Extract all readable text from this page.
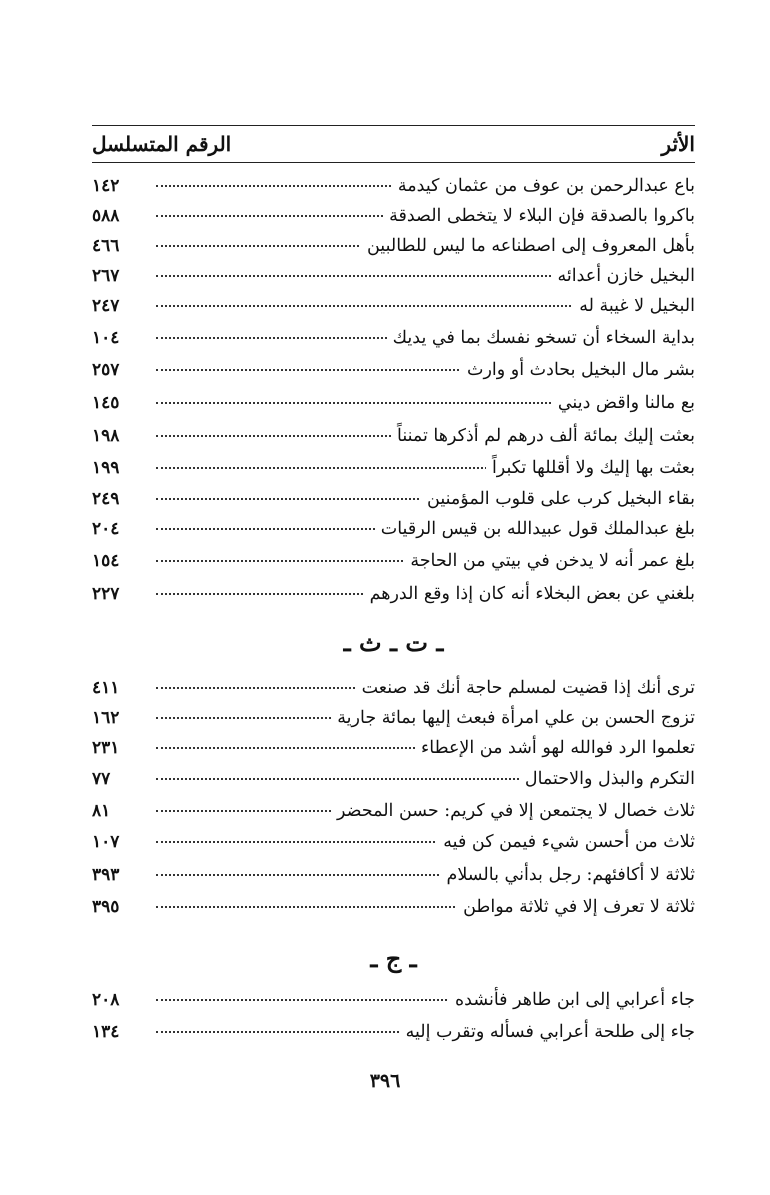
الأثر
الرقم المتسلسل
باع عبدالرحمن بن عوف من عثمان كيدمة
١٤٢
باكروا بالصدقة فإن البلاء لا يتخطى الصدقة
٥٨٨
بأهل المعروف إلى اصطناعه ما ليس للطالبين
٤٦٦
البخيل خازن أعدائه
٢٦٧
البخيل لا غيبة له
٢٤٧
بداية السخاء أن تسخو نفسك بما في يديك
١٠٤
بشر مال البخيل بحادث أو وارث
٢٥٧
بع مالنا واقض ديني
١٤٥
بعثت إليك بمائة ألف درهم لم أذكرها تمنناً
١٩٨
بعثت بها إليك ولا أقللها تكبراً
١٩٩
بقاء البخيل كرب على قلوب المؤمنين
٢٤٩
بلغ عبدالملك قول عبيدالله بن قيس الرقيات
٢٠٤
بلغ عمر أنه لا يدخن في بيتي من الحاجة
١٥٤
بلغني عن بعض البخلاء أنه كان إذا وقع الدرهم
٢٢٧
ـ ت ـ ث ـ
ترى أنك إذا قضيت لمسلم حاجة أنك قد صنعت
٤١١
تزوج الحسن بن علي امرأة فبعث إليها بمائة جارية
١٦٢
تعلموا الرد فوالله لهو أشد من الإعطاء
٢٣١
التكرم والبذل والاحتمال
٧٧
ثلاث خصال لا يجتمعن إلا في كريم: حسن المحضر
٨١
ثلاث من أحسن شيء فيمن كن فيه
١٠٧
ثلاثة لا أكافئهم: رجل بدأني بالسلام
٣٩٣
ثلاثة لا تعرف إلا في ثلاثة مواطن
٣٩٥
ـ ج ـ
جاء أعرابي إلى ابن طاهر فأنشده
٢٠٨
جاء إلى طلحة أعرابي فسأله وتقرب إليه
١٣٤
٣٩٦
